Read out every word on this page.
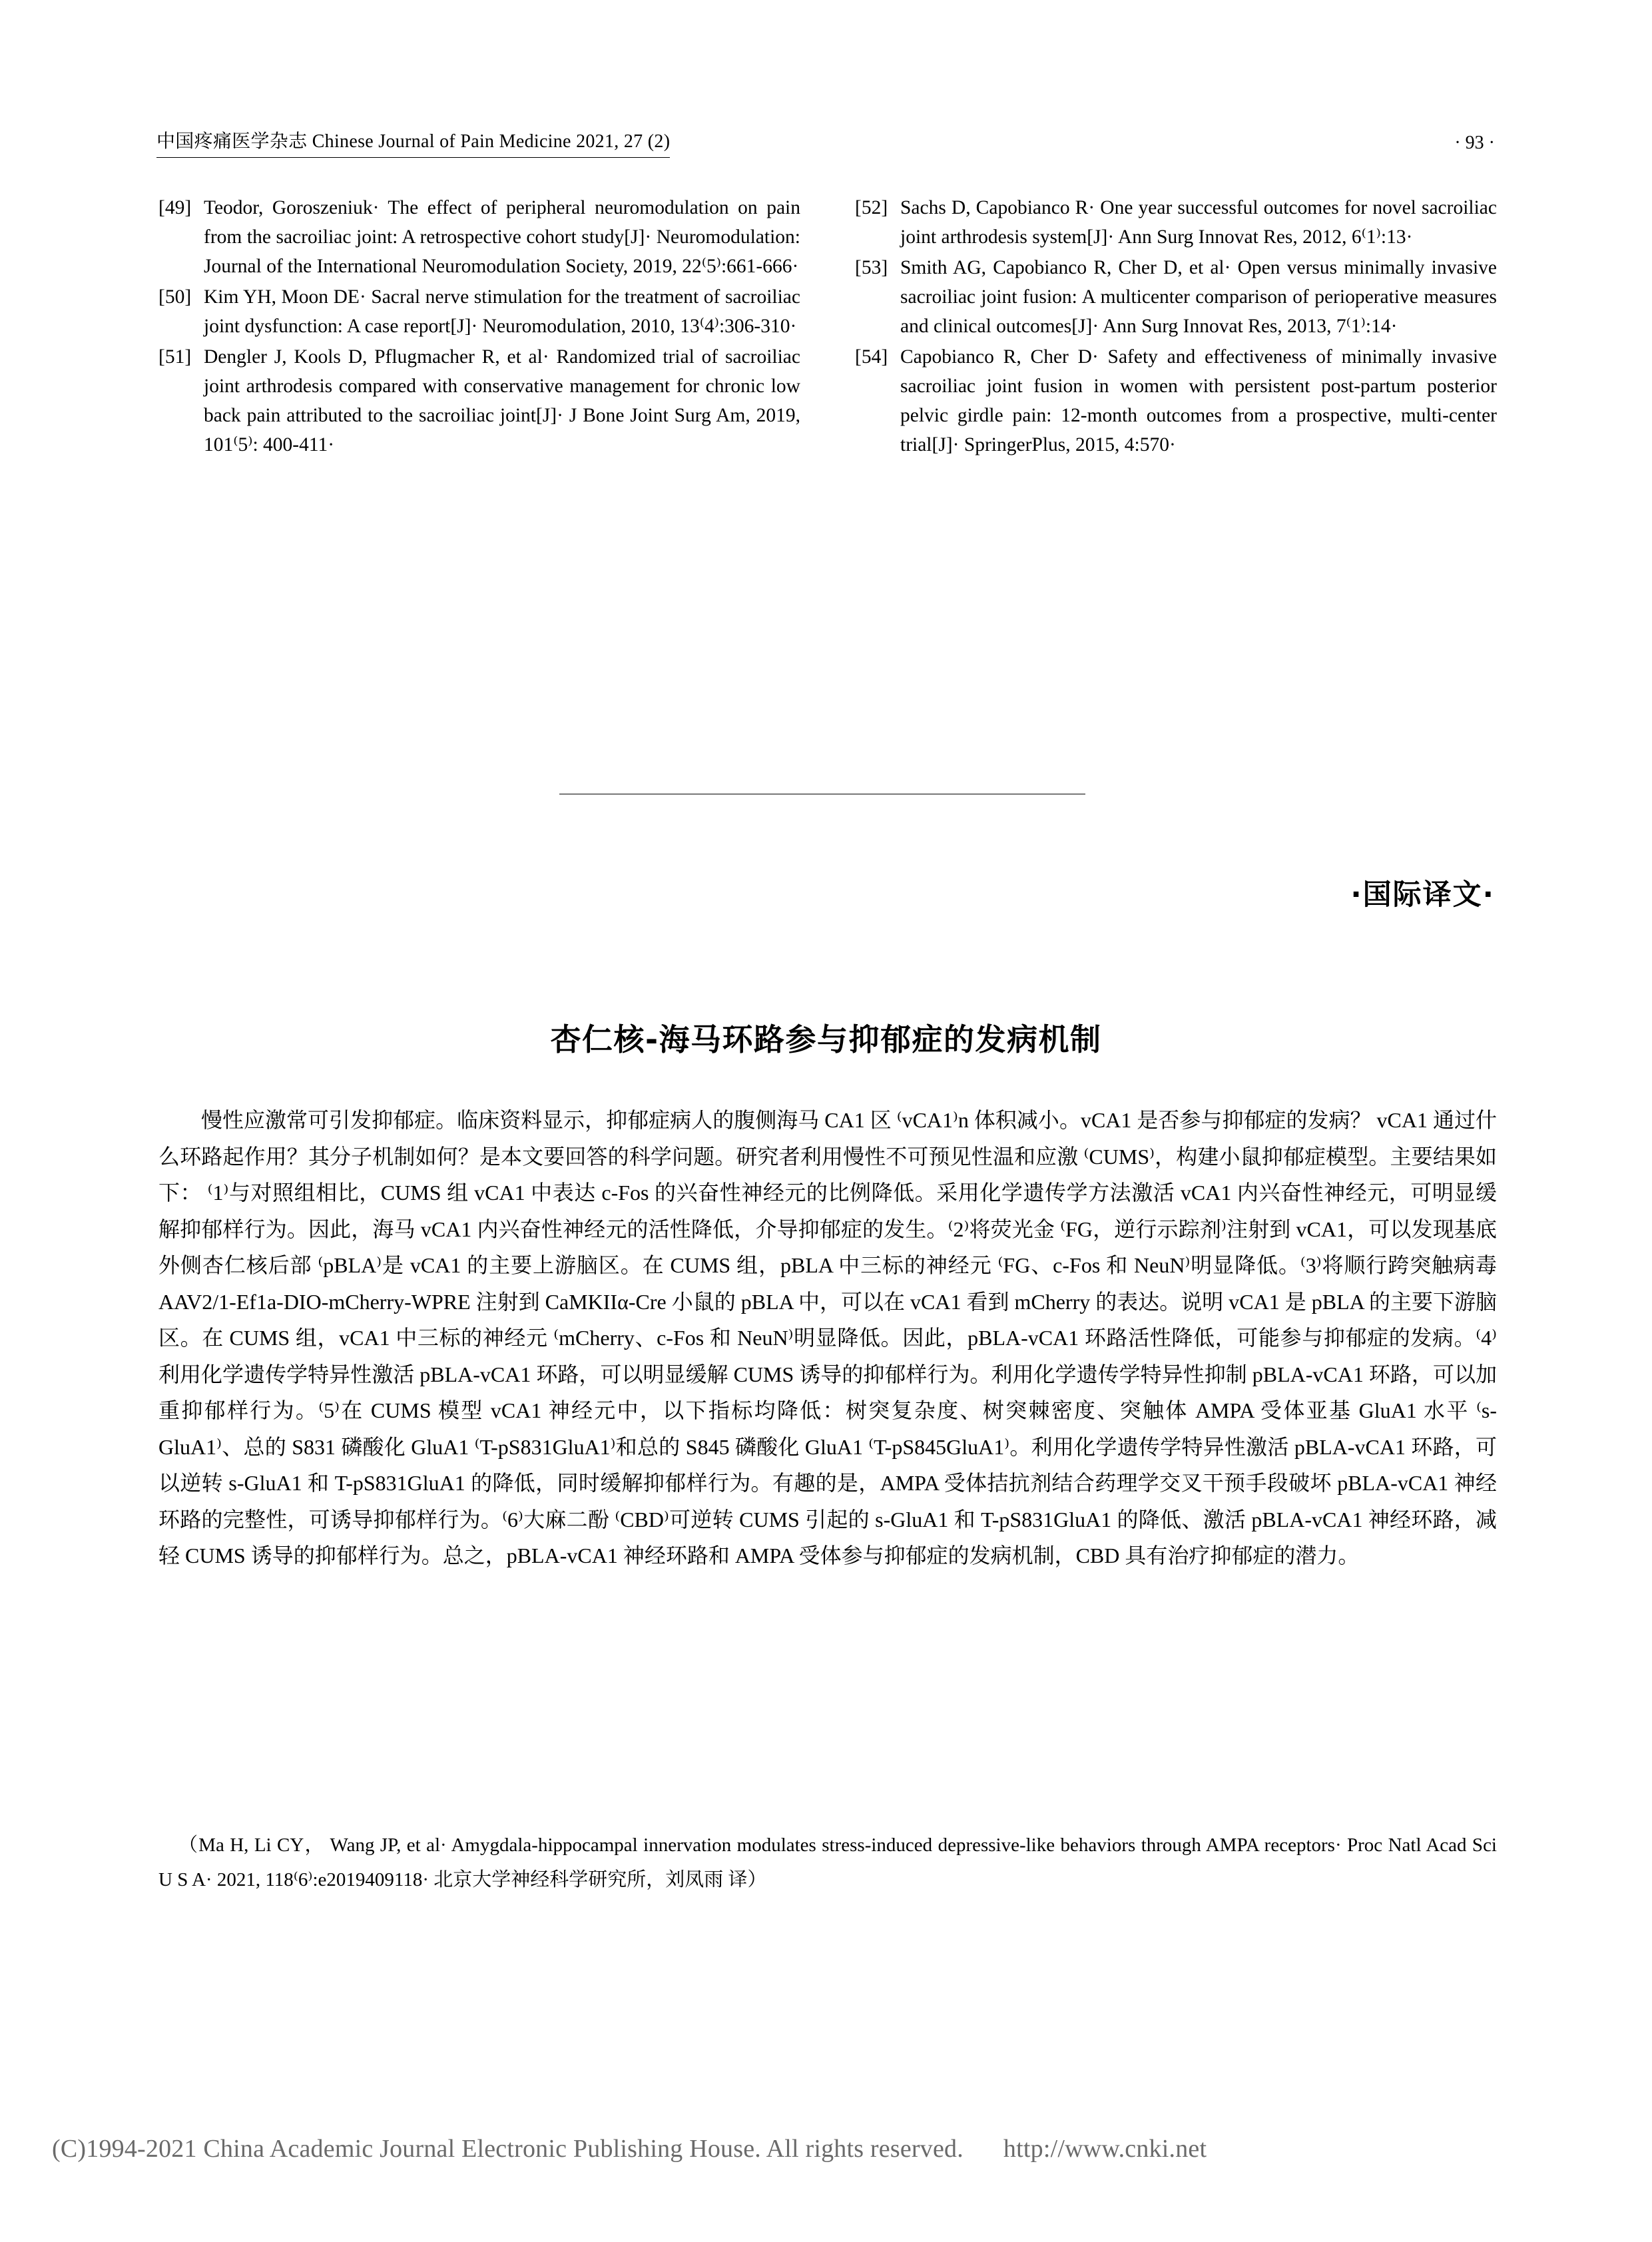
中国疼痛医学杂志 Chinese Journal of Pain Medicine 2021, 27 (2)	· 93 ·
[49] Teodor, Goroszeniuk· The effect of peripheral neuromodulation on pain from the sacroiliac joint: A retrospective cohort study[J]· Neuromodulation: Journal of the International Neuromodulation Society, 2019, 22⁽5⁾:661-666·
[50] Kim YH, Moon DE· Sacral nerve stimulation for the treatment of sacroiliac joint dysfunction: A case report[J]· Neuromodulation, 2010, 13⁽4⁾:306-310·
[51] Dengler J, Kools D, Pflugmacher R, et al· Randomized trial of sacroiliac joint arthrodesis compared with conservative management for chronic low back pain attributed to the sacroiliac joint[J]· J Bone Joint Surg Am, 2019, 101⁽5⁾: 400-411·
[52] Sachs D, Capobianco R· One year successful outcomes for novel sacroiliac joint arthrodesis system[J]· Ann Surg Innovat Res, 2012, 6⁽1⁾:13·
[53] Smith AG, Capobianco R, Cher D, et al· Open versus minimally invasive sacroiliac joint fusion: A multicenter comparison of perioperative measures and clinical outcomes[J]· Ann Surg Innovat Res, 2013, 7⁽1⁾:14·
[54] Capobianco R, Cher D· Safety and effectiveness of minimally invasive sacroiliac joint fusion in women with persistent post-partum posterior pelvic girdle pain: 12-month outcomes from a prospective, multi-center trial[J]· SpringerPlus, 2015, 4:570·
·国际译文·
杏仁核-海马环路参与抑郁症的发病机制

慢性应激常可引发抑郁症。临床资料显示，抑郁症病人的腹侧海马 CA1 区 ⁽vCA1⁾n 体积减小。vCA1 是否参与抑郁症的发病？ vCA1 通过什么环路起作用？其分子机制如何？是本文要回答的科学问题。研究者利用慢性不可预见性温和应激 ⁽CUMS⁾，构建小鼠抑郁症模型。主要结果如下： ⁽1⁾与对照组相比，CUMS 组 vCA1 中表达 c-Fos 的兴奋性神经元的比例降低。采用化学遗传学方法激活 vCA1 内兴奋性神经元，可明显缓解抑郁样行为。因此，海马 vCA1 内兴奋性神经元的活性降低，介导抑郁症的发生。⁽2⁾将荧光金 ⁽FG，逆行示踪剂⁾注射到 vCA1，可以发现基底外侧杏仁核后部 ⁽pBLA⁾是 vCA1 的主要上游脑区。在 CUMS 组，pBLA 中三标的神经元 ⁽FG、c-Fos 和 NeuN⁾明显降低。⁽3⁾将顺行跨突触病毒 AAV2/1-Ef1a-DIO-mCherry-WPRE 注射到 CaMKIIα-Cre 小鼠的 pBLA 中，可以在 vCA1 看到 mCherry 的表达。说明 vCA1 是 pBLA 的主要下游脑区。在 CUMS 组，vCA1 中三标的神经元 ⁽mCherry、c-Fos 和 NeuN⁾明显降低。因此，pBLA-vCA1 环路活性降低，可能参与抑郁症的发病。⁽4⁾利用化学遗传学特异性激活 pBLA-vCA1 环路，可以明显缓解 CUMS 诱导的抑郁样行为。利用化学遗传学特异性抑制 pBLA-vCA1 环路，可以加重抑郁样行为。⁽5⁾在 CUMS 模型 vCA1 神经元中，以下指标均降低：树突复杂度、树突棘密度、突触体 AMPA 受体亚基 GluA1 水平 ⁽s-GluA1⁾、总的 S831 磷酸化 GluA1 ⁽T-pS831GluA1⁾和总的 S845 磷酸化 GluA1 ⁽T-pS845GluA1⁾。利用化学遗传学特异性激活 pBLA-vCA1 环路，可以逆转 s-GluA1 和 T-pS831GluA1 的降低，同时缓解抑郁样行为。有趣的是，AMPA 受体拮抗剂结合药理学交叉干预手段破坏 pBLA-vCA1 神经环路的完整性，可诱导抑郁样行为。⁽6⁾大麻二酚 ⁽CBD⁾可逆转 CUMS 引起的 s-GluA1 和 T-pS831GluA1 的降低、激活 pBLA-vCA1 神经环路，减轻 CUMS 诱导的抑郁样行为。总之，pBLA-vCA1 神经环路和 AMPA 受体参与抑郁症的发病机制，CBD 具有治疗抑郁症的潜力。

（Ma H, Li CY， Wang JP, et al· Amygdala-hippocampal innervation modulates stress-induced depressive-like behaviors through AMPA receptors· Proc Natl Acad Sci U S A· 2021, 118⁽6⁾:e2019409118· 北京大学神经科学研究所，刘凤雨 译）

(C)1994-2021 China Academic Journal Electronic Publishing House. All rights reserved. http://www.cnki.net
